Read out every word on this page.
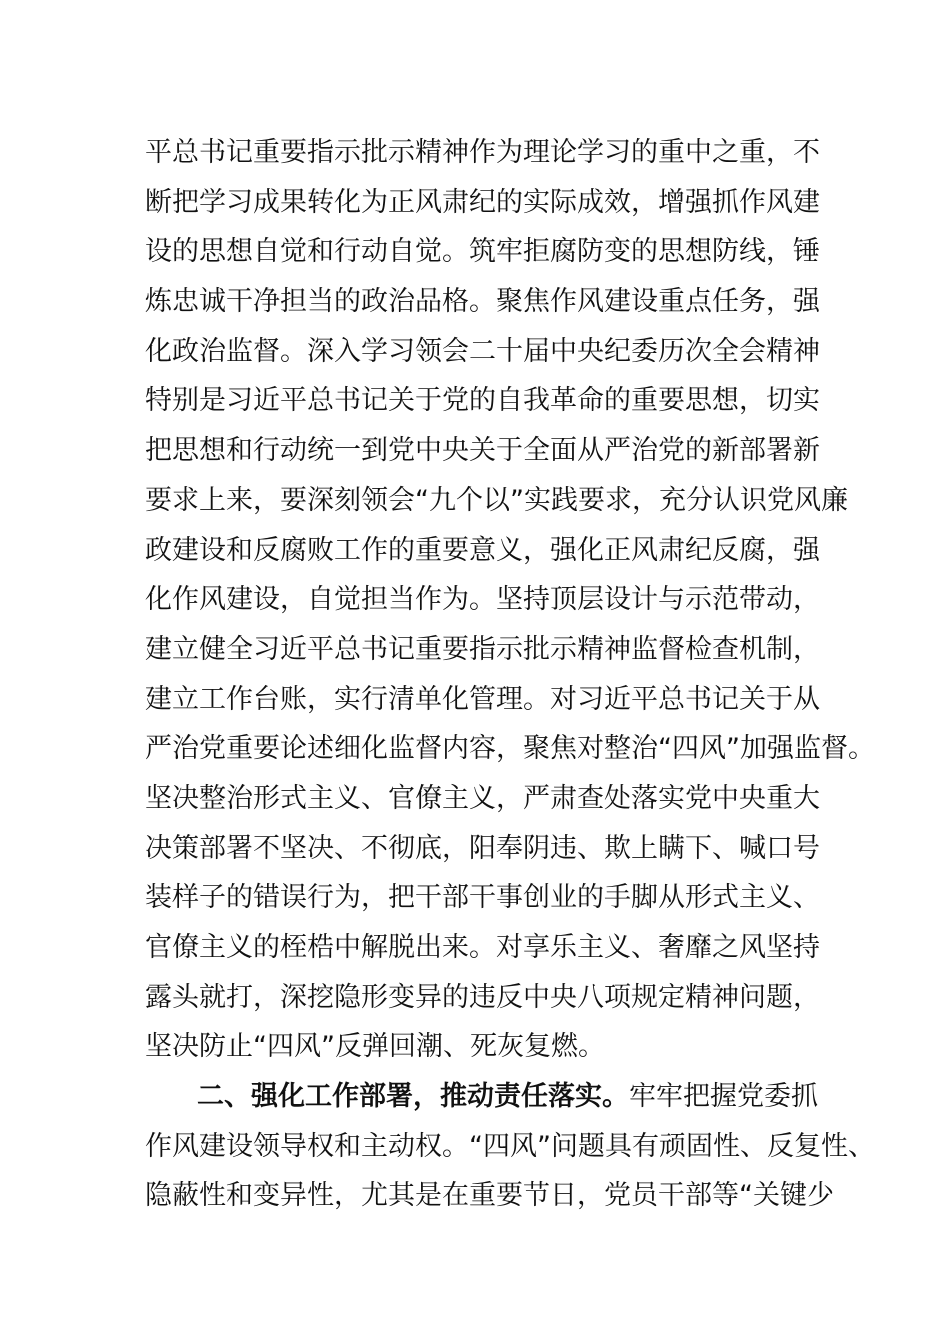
平总书记重要指示批示精神作为理论学习的重中之重，不
断把学习成果转化为正风肃纪的实际成效，增强抓作风建
设的思想自觉和行动自觉。筑牢拒腐防变的思想防线，锤
炼忠诚干净担当的政治品格。聚焦作风建设重点任务，强
化政治监督。深入学习领会二十届中央纪委历次全会精神
特别是习近平总书记关于党的自我革命的重要思想，切实
把思想和行动统一到党中央关于全面从严治党的新部署新
要求上来，要深刻领会“九个以”实践要求，充分认识党风廉
政建设和反腐败工作的重要意义，强化正风肃纪反腐，强
化作风建设，自觉担当作为。坚持顶层设计与示范带动，
建立健全习近平总书记重要指示批示精神监督检查机制，
建立工作台账，实行清单化管理。对习近平总书记关于从
严治党重要论述细化监督内容，聚焦对整治“四风”加强监督。
坚决整治形式主义、官僚主义，严肃查处落实党中央重大
决策部署不坚决、不彻底，阳奉阴违、欺上瞒下、喊口号
装样子的错误行为，把干部干事创业的手脚从形式主义、
官僚主义的桎梏中解脱出来。对享乐主义、奢靡之风坚持
露头就打，深挖隐形变异的违反中央八项规定精神问题，
坚决防止“四风”反弹回潮、死灰复燃。
二、强化工作部署，推动责任落实。牢牢把握党委抓
作风建设领导权和主动权。“四风”问题具有顽固性、反复性、
隐蔽性和变异性，尤其是在重要节日，党员干部等“关键少
